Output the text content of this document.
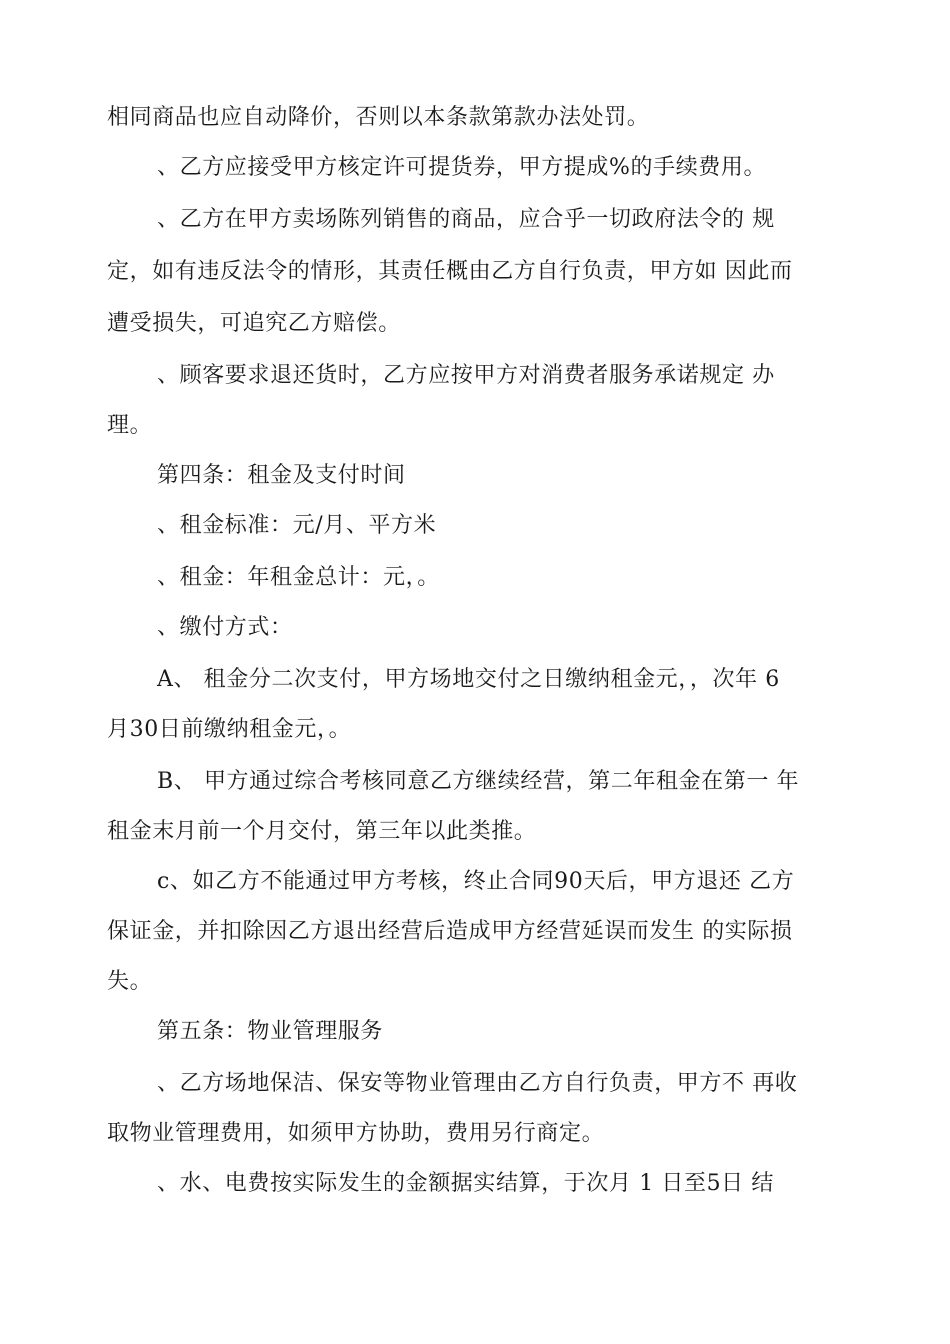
相同商品也应自动降价，否则以本条款第款办法处罚。
、乙方应接受甲方核定许可提货券，甲方提成%的手续费用。
、乙方在甲方卖场陈列销售的商品，应合乎一切政府法令的 规
定，如有违反法令的情形，其责任概由乙方自行负责，甲方如 因此而
遭受损失，可追究乙方赔偿。
、顾客要求退还货时，乙方应按甲方对消费者服务承诺规定 办
理。
第四条：租金及支付时间
、租金标准：元/月、平方米
、租金：年租金总计：元，。
、缴付方式：
A、 租金分二次支付，甲方场地交付之日缴纳租金元，，次年 6
月30日前缴纳租金元，。
B、 甲方通过综合考核同意乙方继续经营，第二年租金在第一 年
租金末月前一个月交付，第三年以此类推。
c、如乙方不能通过甲方考核，终止合同90天后，甲方退还 乙方
保证金，并扣除因乙方退出经营后造成甲方经营延误而发生 的实际损
失。
第五条：物业管理服务
、乙方场地保洁、保安等物业管理由乙方自行负责，甲方不 再收
取物业管理费用，如须甲方协助，费用另行商定。
、水、电费按实际发生的金额据实结算，于次月 1 日至5日 结
